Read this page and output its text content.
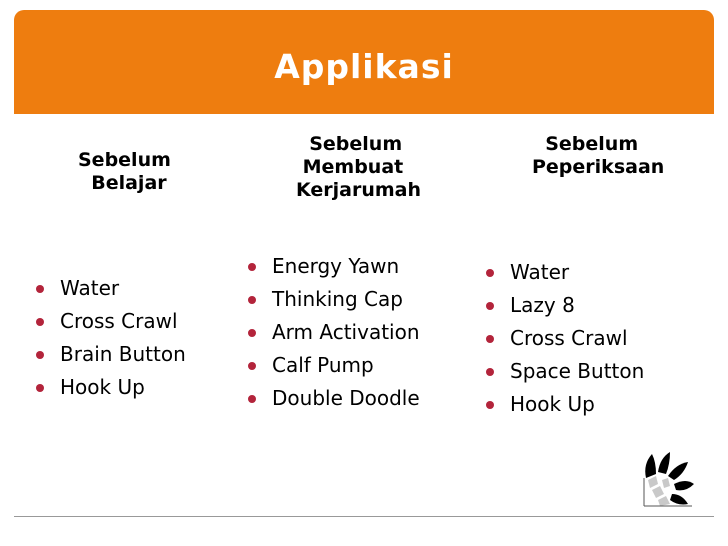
Applikasi
Sebelum
Belajar
Water
Cross Crawl
Brain Button
Hook Up
Sebelum
Membuat
Kerjarumah
Energy Yawn
Thinking Cap
Arm Activation
Calf Pump
Double Doodle
Sebelum
Peperiksaan
Water
Lazy 8
Cross Crawl
Space Button
Hook Up
